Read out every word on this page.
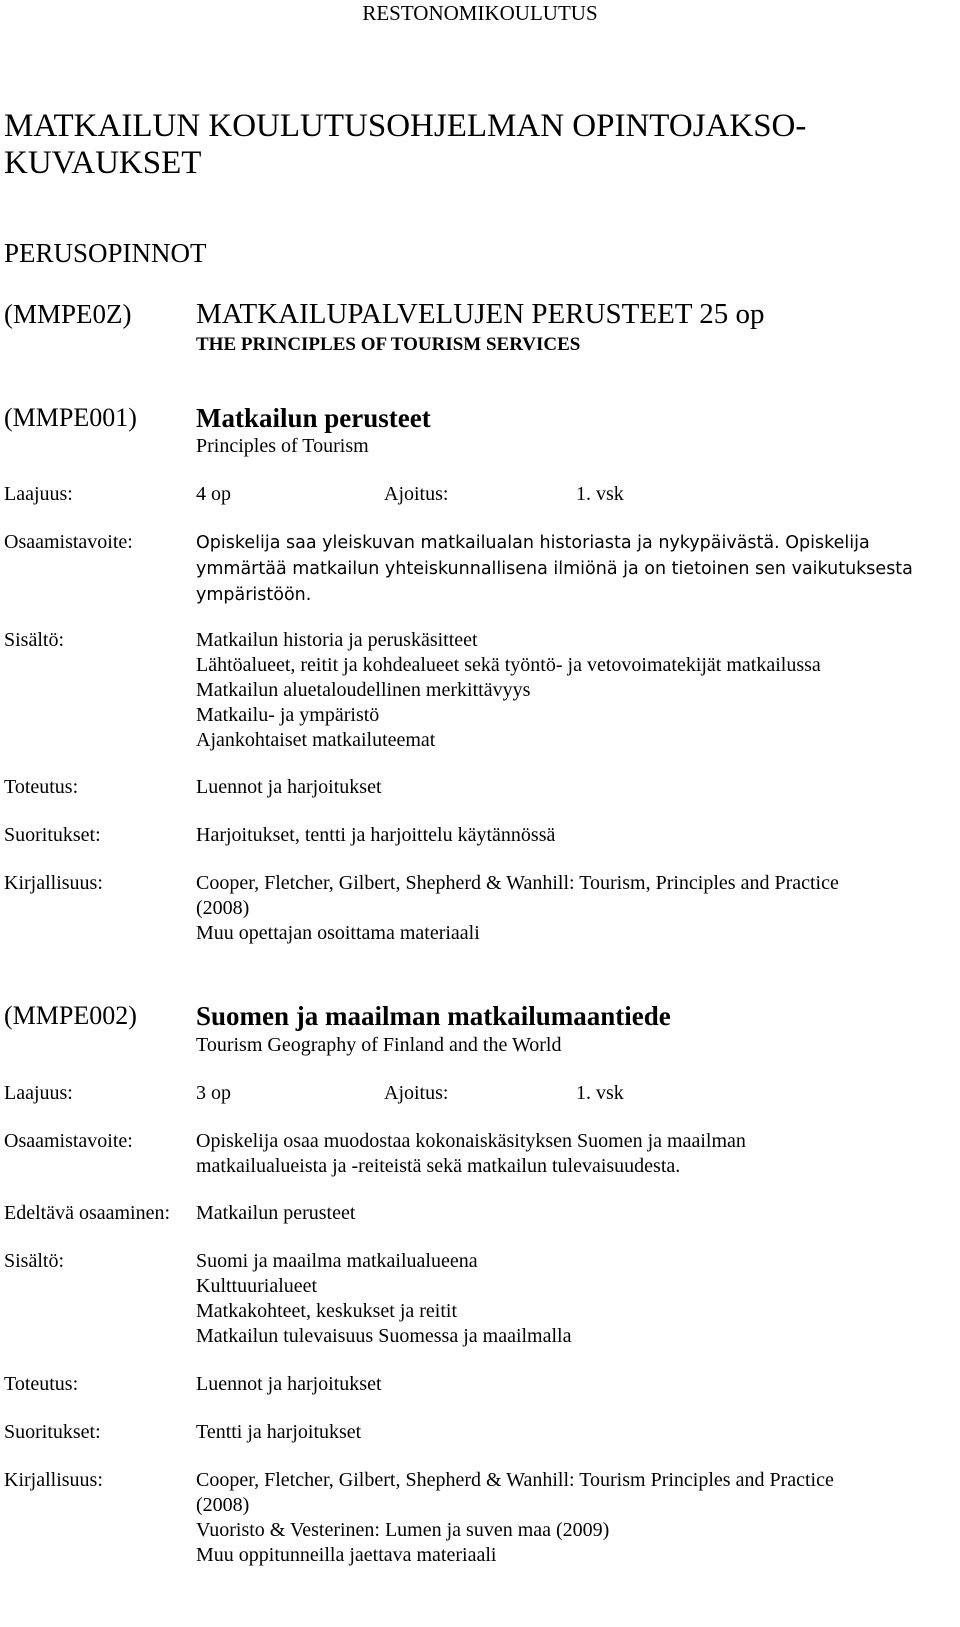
RESTONOMIKOULUTUS
MATKAILUN KOULUTUSOHJELMAN OPINTOJAKSO-
KUVAUKSET
PERUSOPINNOT
(MMPE0Z) MATKAILUPALVELUJEN PERUSTEET 25 op
THE PRINCIPLES OF TOURISM SERVICES
(MMPE001) Matkailun perusteet
Principles of Tourism
Laajuus:	4 op	Ajoitus:	1. vsk
Osaamistavoite:	Opiskelija saa yleiskuvan matkailualan historiasta ja nykypäivästä. Opiskelija
ymmärtää matkailun yhteiskunnallisena ilmiönä ja on tietoinen sen vaikutuksesta
ympäristöön.
Sisältö:	Matkailun historia ja peruskäsitteet
Lähtöalueet, reitit ja kohdealueet sekä työntö- ja vetovoimatekijät matkailussa
Matkailun aluetaloudellinen merkittävyys
Matkailu- ja ympäristö
Ajankohtaiset matkailuteemat
Toteutus:	Luennot ja harjoitukset
Suoritukset:	Harjoitukset, tentti ja harjoittelu käytännössä
Kirjallisuus:	Cooper, Fletcher, Gilbert, Shepherd & Wanhill: Tourism, Principles and Practice
(2008)
Muu opettajan osoittama materiaali
(MMPE002) Suomen ja maailman matkailumaantiede
Tourism Geography of Finland and the World
Laajuus:	3 op	Ajoitus:	1. vsk
Osaamistavoite:	Opiskelija osaa muodostaa kokonaiskäsityksen Suomen ja maailman
matkailualueista ja -reiteistä sekä matkailun tulevaisuudesta.
Edeltävä osaaminen: Matkailun perusteet
Sisältö:	Suomi ja maailma matkailualueena
Kulttuurialueet
Matkakohteet, keskukset ja reitit
Matkailun tulevaisuus Suomessa ja maailmalla
Toteutus:	Luennot ja harjoitukset
Suoritukset:	Tentti ja harjoitukset
Kirjallisuus:	Cooper, Fletcher, Gilbert, Shepherd & Wanhill: Tourism Principles and Practice
(2008)
Vuoristo & Vesterinen: Lumen ja suven maa (2009)
Muu oppitunneilla jaettava materiaali
